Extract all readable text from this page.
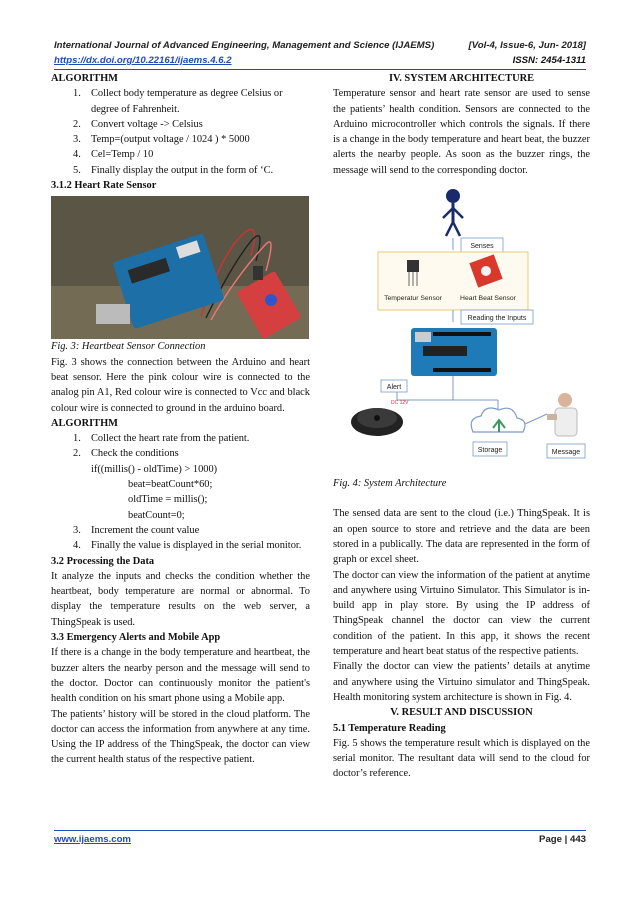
International Journal of Advanced Engineering, Management and Science (IJAEMS)	[Vol-4, Issue-6, Jun- 2018]
https://dx.doi.org/10.22161/ijaems.4.6.2	ISSN: 2454-1311

ALGORITHM

1. Collect body temperature as degree Celsius or degree of Fahrenheit.
2. Convert voltage -> Celsius
3. Temp=(output voltage / 1024 ) * 5000
4. Cel=Temp / 10
5. Finally display the output in the form of ‘C.

3.1.2 Heart Rate Sensor

Fig. 3: Heartbeat Sensor Connection

Fig. 3 shows the connection between the Arduino and heart beat sensor. Here the pink colour wire is connected to the analog pin A1, Red colour wire is connected to Vcc and black colour wire is connected to ground in the arduino board.

ALGORITHM

1. Collect the heart rate from the patient.
2. Check the conditions
if((millis() - oldTime) > 1000)
beat=beatCount*60;
oldTime = millis();
beatCount=0;
3. Increment the count value
4. Finally the value is displayed in the serial monitor.

3.2 Processing the Data

It analyze the inputs and checks the condition whether the heartbeat, body temperature are normal or abnormal. To display the temperature results on the web server, a ThingSpeak is used.

3.3 Emergency Alerts and Mobile App

If there is a change in the body temperature and heartbeat, the buzzer alters the nearby person and the message will send to the doctor. Doctor can continuously monitor the patient's health condition on his smart phone using a Mobile app.

The patients’ history will be stored in the cloud platform. The doctor can access the information from anywhere at any time. Using the IP address of the ThingSpeak, the doctor can view the current health status of the respective patient.

IV. SYSTEM ARCHITECTURE

Temperature sensor and heart rate sensor are used to sense the patients’ health condition. Sensors are connected to the Arduino microcontroller which controls the signals. If there is a change in the body temperature and heart beat, the buzzer alerts the nearby people. As soon as the buzzer rings, the message will send to the corresponding doctor.

Senses
Temperatur Sensor	Heart Beat Sensor
Reading the Inputs
Alert
DC 12V
Storage	Message

Fig. 4: System Architecture

The sensed data are sent to the cloud (i.e.) ThingSpeak. It is an open source to store and retrieve and the data are been stored in a publically. The data are represented in the form of graph or excel sheet.

The doctor can view the information of the patient at anytime and anywhere using Virtuino Simulator. This Simulator is in-build app in play store. By using the IP address of ThingSpeak channel the doctor can view the current condition of the patient. In this app, it shows the recent temperature and heart beat status of the respective patients.

Finally the doctor can view the patients’ details at anytime and anywhere using the Virtuino simulator and ThingSpeak. Health monitoring system architecture is shown in Fig. 4.

V. RESULT AND DISCUSSION

5.1 Temperature Reading

Fig. 5 shows the temperature result which is displayed on the serial monitor. The resultant data will send to the cloud for doctor’s reference.

www.ijaems.com	Page | 443
